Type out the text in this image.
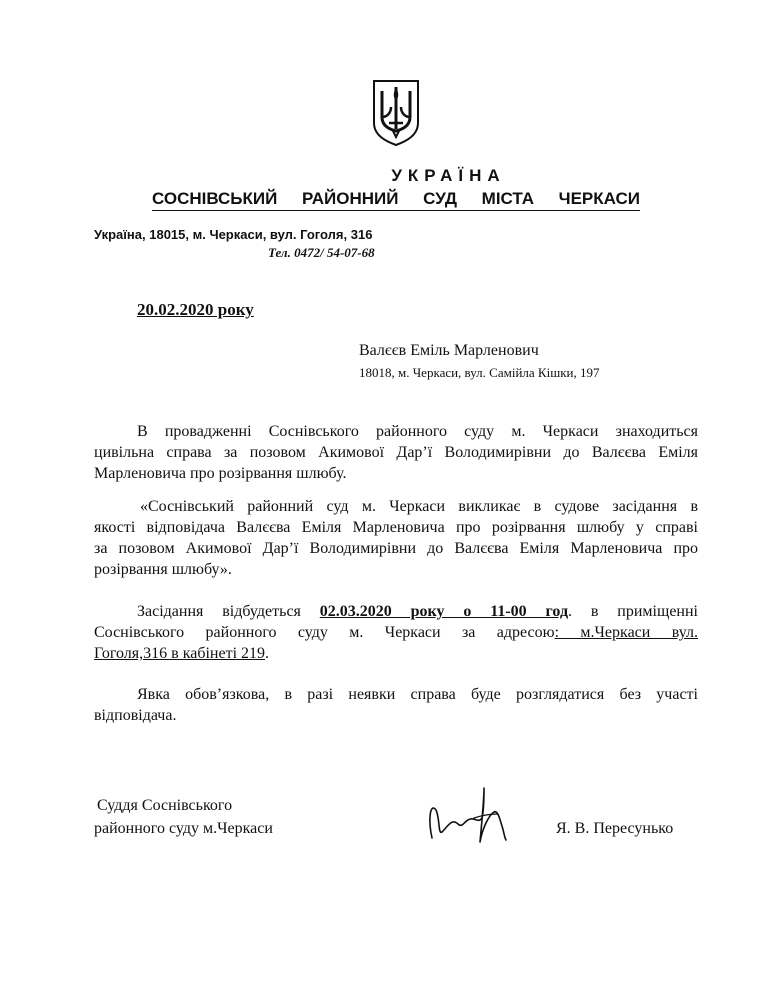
УКРАЇНА
СОСНІВСЬКИЙ РАЙОННИЙ СУД МІСТА ЧЕРКАСИ
Україна, 18015, м. Черкаси, вул. Гоголя, 316
Тел. 0472/ 54-07-68
20.02.2020 року
Валєєв Еміль Марленович
18018, м. Черкаси, вул. Самійла Кішки, 197
В провадженні Соснівського районного суду м. Черкаси знаходиться
цивільна справа за позовом Акимової Дар’ї Володимирівни до Валєєва Еміля
Марленовича про розірвання шлюбу.
«Соснівський районний суд м. Черкаси викликає в судове засідання в
якості відповідача Валєєва Еміля Марленовича про розірвання шлюбу у справі
за позовом Акимової Дар’ї Володимирівни до Валєєва Еміля Марленовича про
розірвання шлюбу».
Засідання відбудеться 02.03.2020 року о 11-00 год. в приміщенні
Соснівського районного суду м. Черкаси за адресою: м.Черкаси вул.
Гоголя,316 в кабінеті 219.
Явка обов’язкова, в разі неявки справа буде розглядатися без участі
відповідача.
Суддя Соснівського
районного суду м.Черкаси	Я. В. Пересунько
